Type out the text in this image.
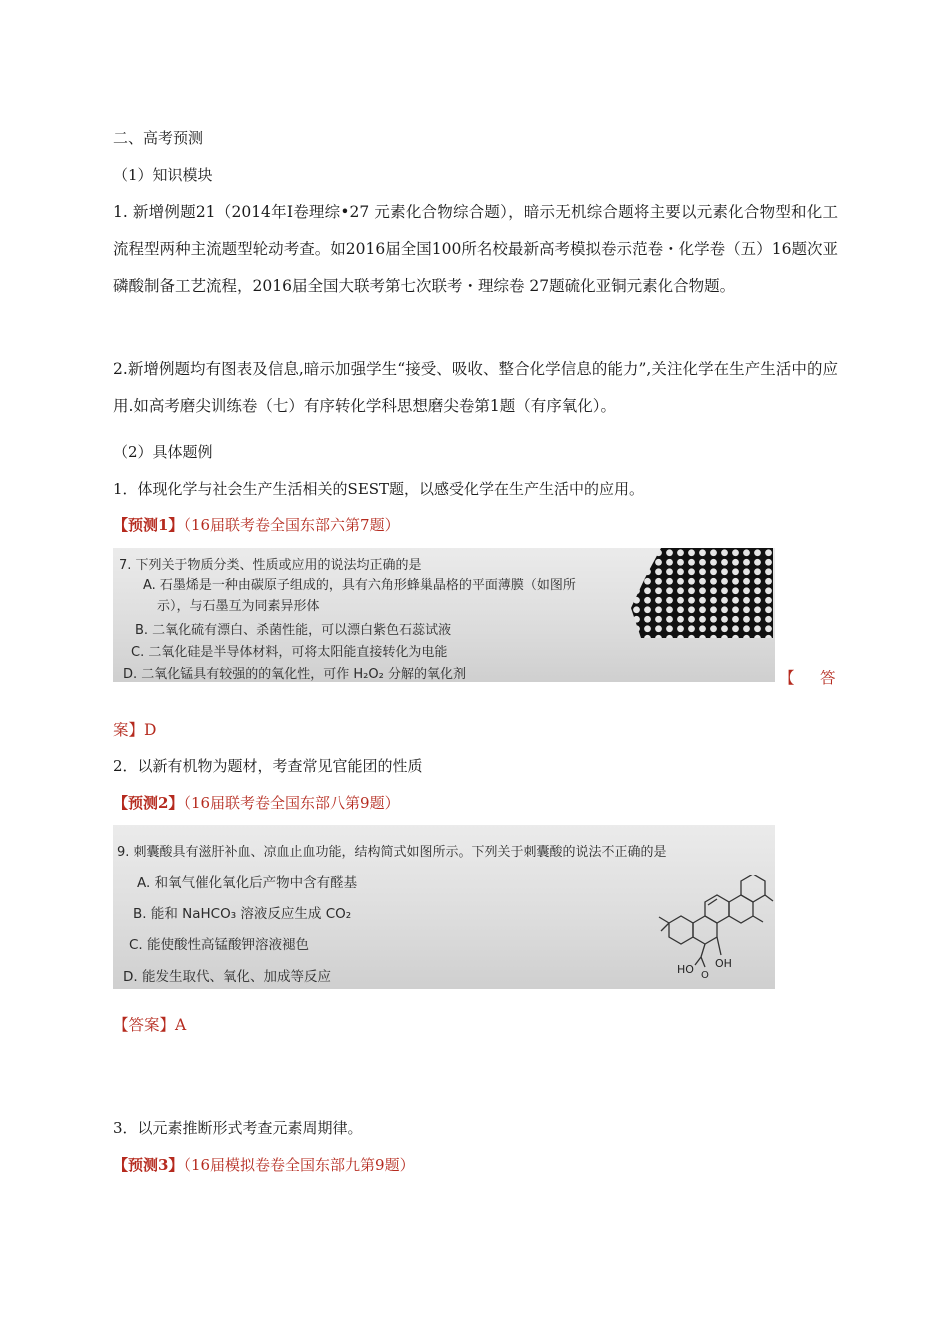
二、高考预测
（1）知识模块
1. 新增例题21（2014年Ⅰ卷理综•27 元素化合物综合题），暗示无机综合题将主要以元素化合物型和化工流程型两种主流题型轮动考查。如2016届全国100所名校最新高考模拟卷示范卷・化学卷（五）16题次亚磷酸制备工艺流程，2016届全国大联考第七次联考・理综卷 27题硫化亚铜元素化合物题。
2.新增例题均有图表及信息,暗示加强学生“接受、吸收、整合化学信息的能力”,关注化学在生产生活中的应用.如高考磨尖训练卷（七）有序转化学科思想磨尖卷第1题（有序氧化）。
（2）具体题例
1．体现化学与社会生产生活相关的SEST题，以感受化学在生产生活中的应用。
【预测1】（16届联考卷全国东部六第7题）
7. 下列关于物质分类、性质或应用的说法均正确的是
A. 石墨烯是一种由碳原子组成的，具有六角形蜂巢晶格的平面薄膜（如图所
示），与石墨互为同素异形体
B. 二氧化硫有漂白、杀菌性能，可以漂白紫色石蕊试液
C. 二氧化硅是半导体材料，可将太阳能直接转化为电能
D. 二氧化锰具有较强的的氧化性，可作 H₂O₂ 分解的氧化剂	【 答
案】D
2．以新有机物为题材，考查常见官能团的性质
【预测2】（16届联考卷全国东部八第9题）
9. 刺囊酸具有滋肝补血、凉血止血功能，结构简式如图所示。下列关于刺囊酸的说法不正确的是
A. 和氧气催化氧化后产物中含有醛基
B. 能和 NaHCO₃ 溶液反应生成 CO₂
C. 能使酸性高锰酸钾溶液褪色
D. 能发生取代、氧化、加成等反应	HO O
OH
【答案】A
3．以元素推断形式考查元素周期律。
【预测3】（16届模拟卷卷全国东部九第9题）
